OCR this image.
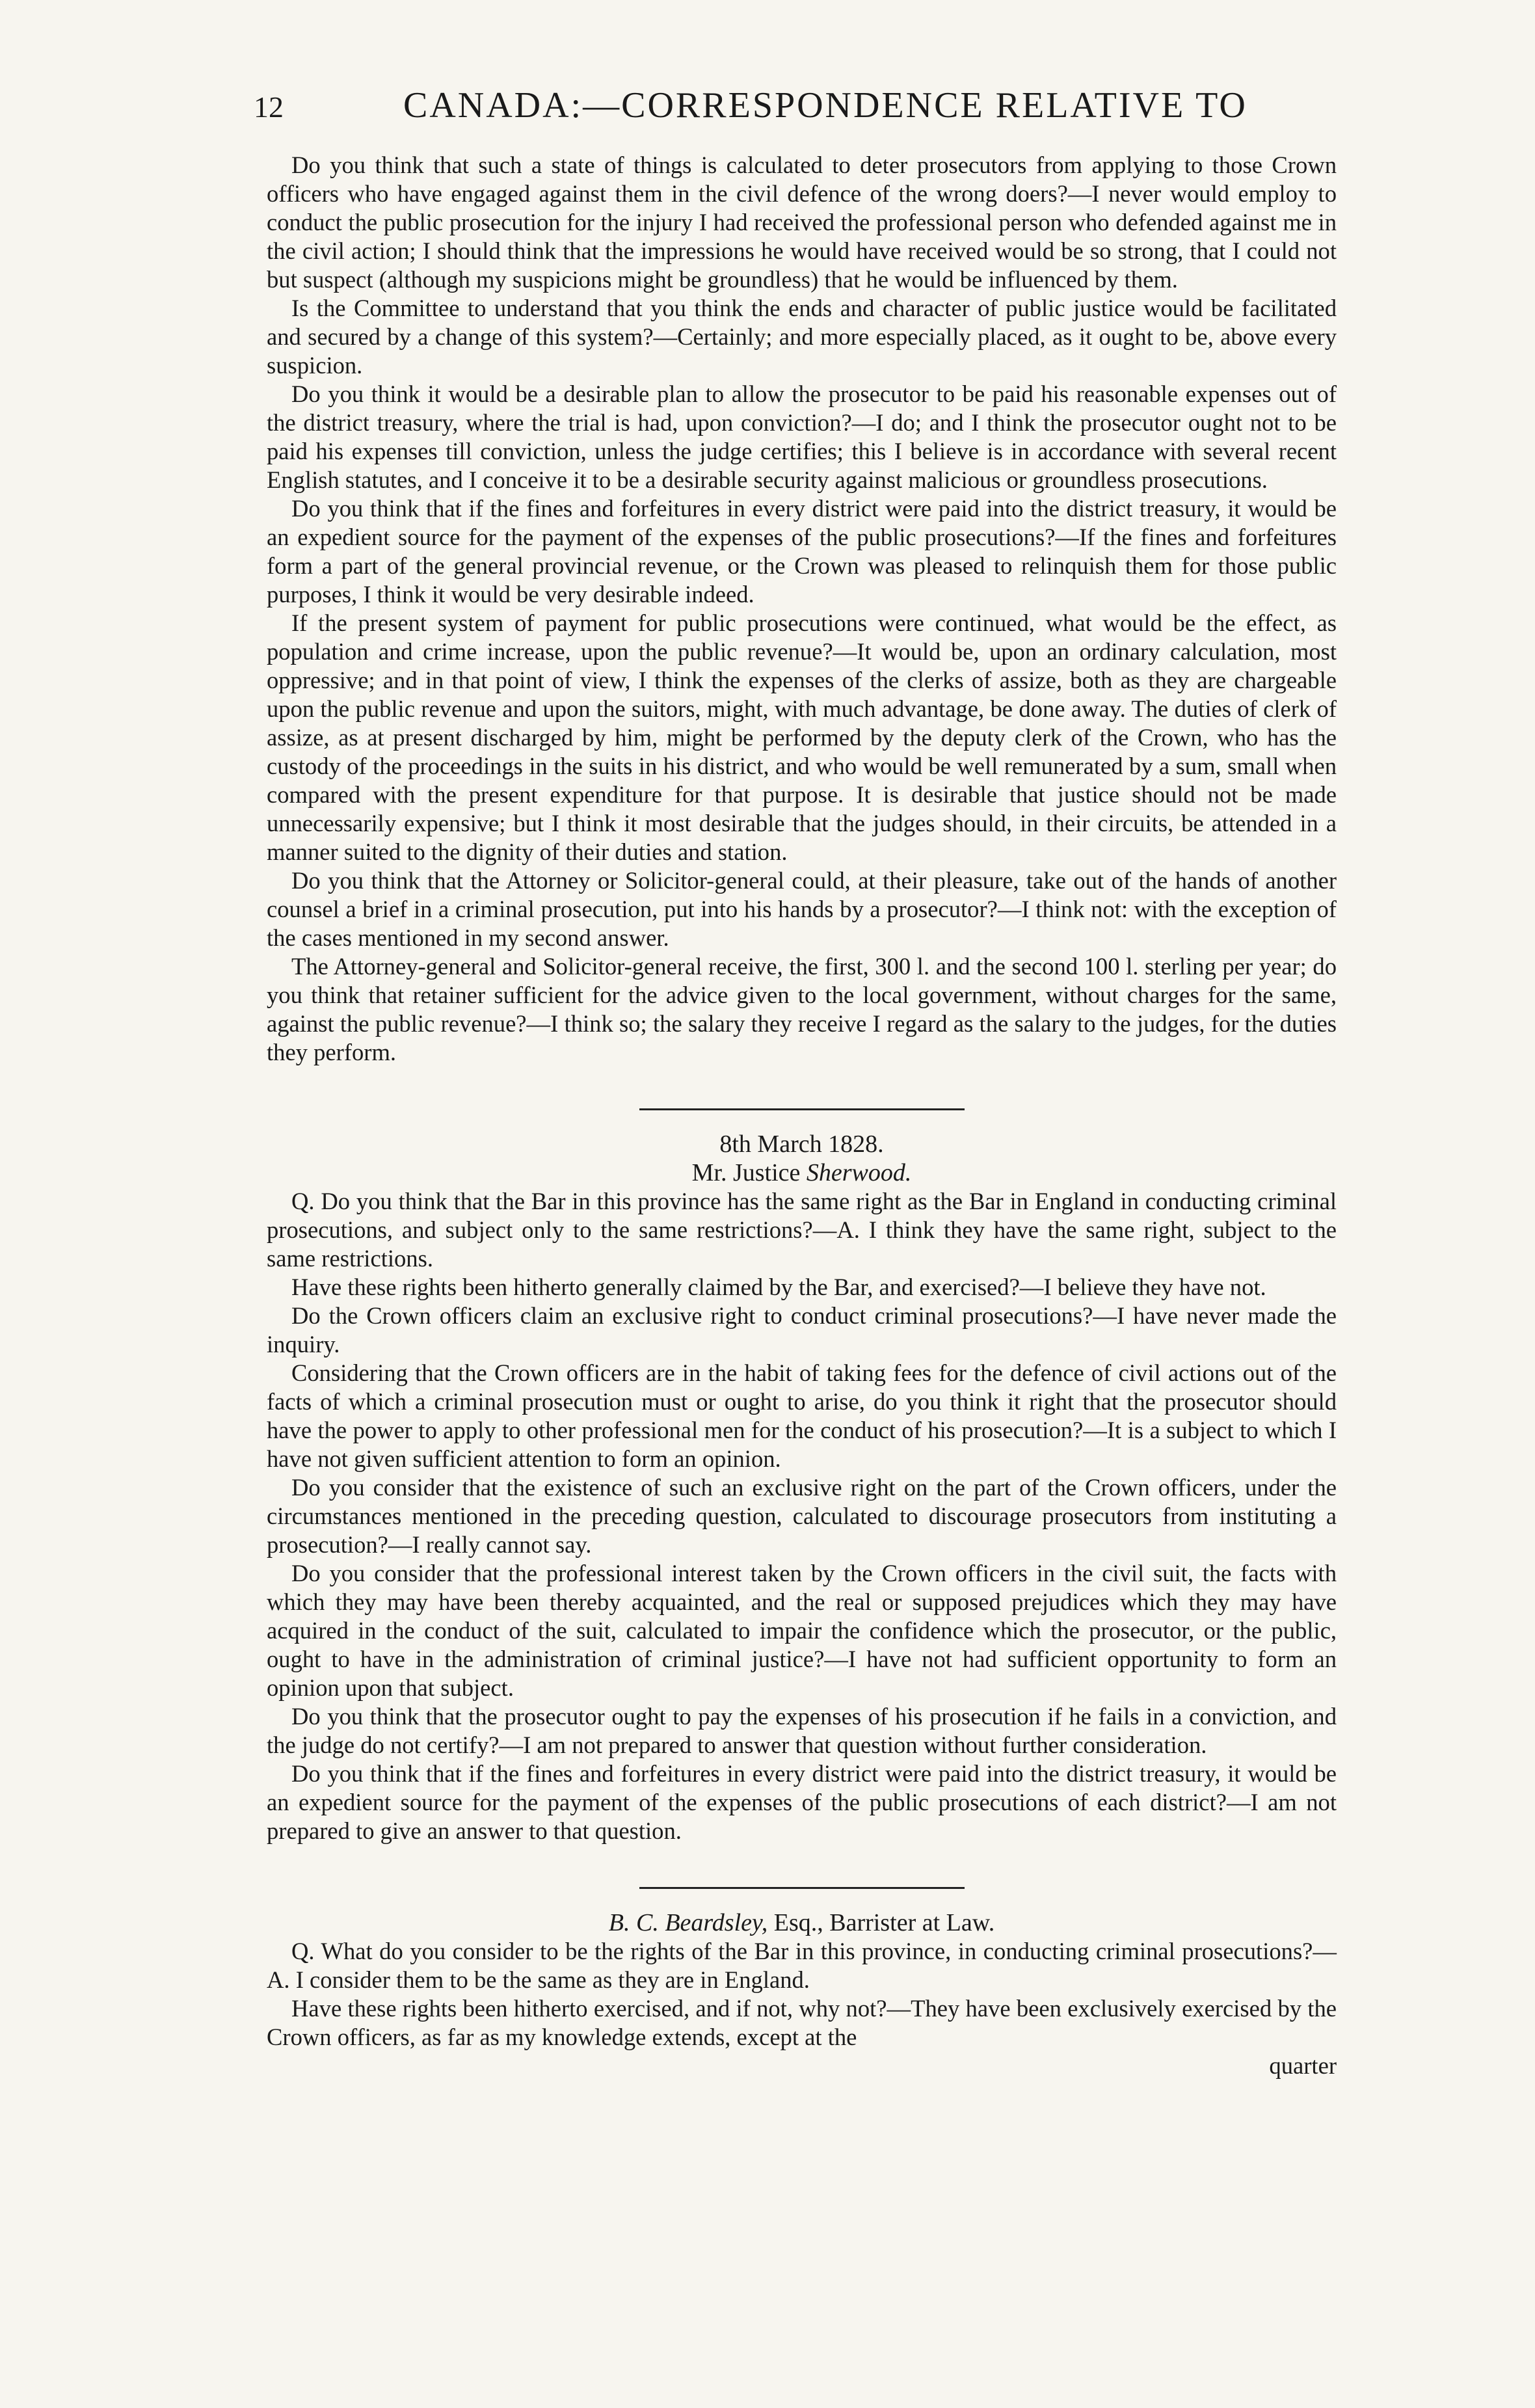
12	CANADA:—CORRESPONDENCE RELATIVE TO

Do you think that such a state of things is calculated to deter prosecutors from applying to those Crown officers who have engaged against them in the civil defence of the wrong doers?—I never would employ to conduct the public prosecution for the injury I had received the professional person who defended against me in the civil action; I should think that the impressions he would have received would be so strong, that I could not but suspect (although my suspicions might be groundless) that he would be influenced by them.

Is the Committee to understand that you think the ends and character of public justice would be facilitated and secured by a change of this system?—Certainly; and more especially placed, as it ought to be, above every suspicion.

Do you think it would be a desirable plan to allow the prosecutor to be paid his reasonable expenses out of the district treasury, where the trial is had, upon conviction?—I do; and I think the prosecutor ought not to be paid his expenses till conviction, unless the judge certifies; this I believe is in accordance with several recent English statutes, and I conceive it to be a desirable security against malicious or groundless prosecutions.

Do you think that if the fines and forfeitures in every district were paid into the district treasury, it would be an expedient source for the payment of the expenses of the public prosecutions?—If the fines and forfeitures form a part of the general provincial revenue, or the Crown was pleased to relinquish them for those public purposes, I think it would be very desirable indeed.

If the present system of payment for public prosecutions were continued, what would be the effect, as population and crime increase, upon the public revenue?—It would be, upon an ordinary calculation, most oppressive; and in that point of view, I think the expenses of the clerks of assize, both as they are chargeable upon the public revenue and upon the suitors, might, with much advantage, be done away. The duties of clerk of assize, as at present discharged by him, might be performed by the deputy clerk of the Crown, who has the custody of the proceedings in the suits in his district, and who would be well remunerated by a sum, small when compared with the present expenditure for that purpose. It is desirable that justice should not be made unnecessarily expensive; but I think it most desirable that the judges should, in their circuits, be attended in a manner suited to the dignity of their duties and station.

Do you think that the Attorney or Solicitor-general could, at their pleasure, take out of the hands of another counsel a brief in a criminal prosecution, put into his hands by a prosecutor?—I think not: with the exception of the cases mentioned in my second answer.

The Attorney-general and Solicitor-general receive, the first, 300 l. and the second 100 l. sterling per year; do you think that retainer sufficient for the advice given to the local government, without charges for the same, against the public revenue?—I think so; the salary they receive I regard as the salary to the judges, for the duties they perform.

8th March 1828.

Mr. Justice Sherwood.

Q. Do you think that the Bar in this province has the same right as the Bar in England in conducting criminal prosecutions, and subject only to the same restrictions?—A. I think they have the same right, subject to the same restrictions.

Have these rights been hitherto generally claimed by the Bar, and exercised?—I believe they have not.

Do the Crown officers claim an exclusive right to conduct criminal prosecutions?—I have never made the inquiry.

Considering that the Crown officers are in the habit of taking fees for the defence of civil actions out of the facts of which a criminal prosecution must or ought to arise, do you think it right that the prosecutor should have the power to apply to other professional men for the conduct of his prosecution?—It is a subject to which I have not given sufficient attention to form an opinion.

Do you consider that the existence of such an exclusive right on the part of the Crown officers, under the circumstances mentioned in the preceding question, calculated to discourage prosecutors from instituting a prosecution?—I really cannot say.

Do you consider that the professional interest taken by the Crown officers in the civil suit, the facts with which they may have been thereby acquainted, and the real or supposed prejudices which they may have acquired in the conduct of the suit, calculated to impair the confidence which the prosecutor, or the public, ought to have in the administration of criminal justice?—I have not had sufficient opportunity to form an opinion upon that subject.

Do you think that the prosecutor ought to pay the expenses of his prosecution if he fails in a conviction, and the judge do not certify?—I am not prepared to answer that question without further consideration.

Do you think that if the fines and forfeitures in every district were paid into the district treasury, it would be an expedient source for the payment of the expenses of the public prosecutions of each district?—I am not prepared to give an answer to that question.

B. C. Beardsley, Esq., Barrister at Law.

Q. What do you consider to be the rights of the Bar in this province, in conducting criminal prosecutions?—A. I consider them to be the same as they are in England.

Have these rights been hitherto exercised, and if not, why not?—They have been exclusively exercised by the Crown officers, as far as my knowledge extends, except at the

quarter
